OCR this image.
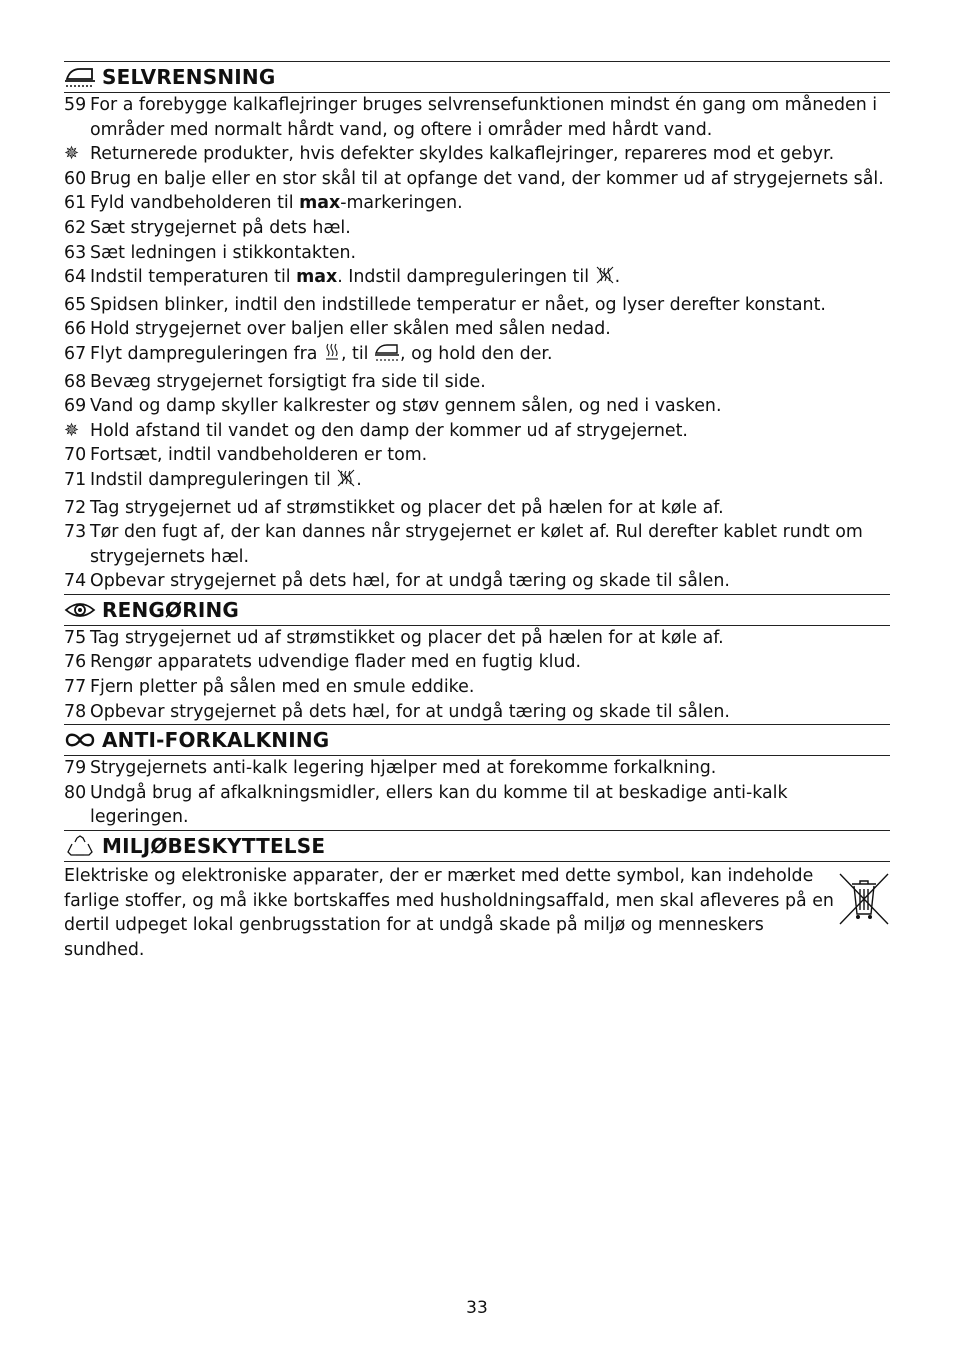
SELVRENSNING
59 For a forebygge kalkaflejringer bruges selvrensefunktionen mindst én gang om måneden i områder med normalt hårdt vand, og oftere i områder med hårdt vand.
✵ Returnerede produkter, hvis defekter skyldes kalkaflejringer, repareres mod et gebyr.
60 Brug en balje eller en stor skål til at opfange det vand, der kommer ud af strygejernets sål.
61 Fyld vandbeholderen til max-markeringen.
62 Sæt strygejernet på dets hæl.
63 Sæt ledningen i stikkontakten.
64 Indstil temperaturen til max. Indstil dampreguleringen til .
65 Spidsen blinker, indtil den indstillede temperatur er nået, og lyser derefter konstant.
66 Hold strygejernet over baljen eller skålen med sålen nedad.
67 Flyt dampreguleringen fra , til , og hold den der.
68 Bevæg strygejernet forsigtigt fra side til side.
69 Vand og damp skyller kalkrester og støv gennem sålen, og ned i vasken.
✵ Hold afstand til vandet og den damp der kommer ud af strygejernet.
70 Fortsæt, indtil vandbeholderen er tom.
71 Indstil dampreguleringen til .
72 Tag strygejernet ud af strømstikket og placer det på hælen for at køle af.
73 Tør den fugt af, der kan dannes når strygejernet er kølet af. Rul derefter kablet rundt om strygejernets hæl.
74 Opbevar strygejernet på dets hæl, for at undgå tæring og skade til sålen.
RENGØRING
75 Tag strygejernet ud af strømstikket og placer det på hælen for at køle af.
76 Rengør apparatets udvendige flader med en fugtig klud.
77 Fjern pletter på sålen med en smule eddike.
78 Opbevar strygejernet på dets hæl, for at undgå tæring og skade til sålen.
ANTI-FORKALKNING
79 Strygejernets anti-kalk legering hjælper med at forekomme forkalkning.
80 Undgå brug af afkalkningsmidler, ellers kan du komme til at beskadige anti-kalk legeringen.
MILJØBESKYTTELSE
Elektriske og elektroniske apparater, der er mærket med dette symbol, kan indeholde farlige stoffer, og må ikke bortskaffes med husholdningsaffald, men skal afleveres på en dertil udpeget lokal genbrugsstation for at undgå skade på miljø og menneskers sundhed.
33
